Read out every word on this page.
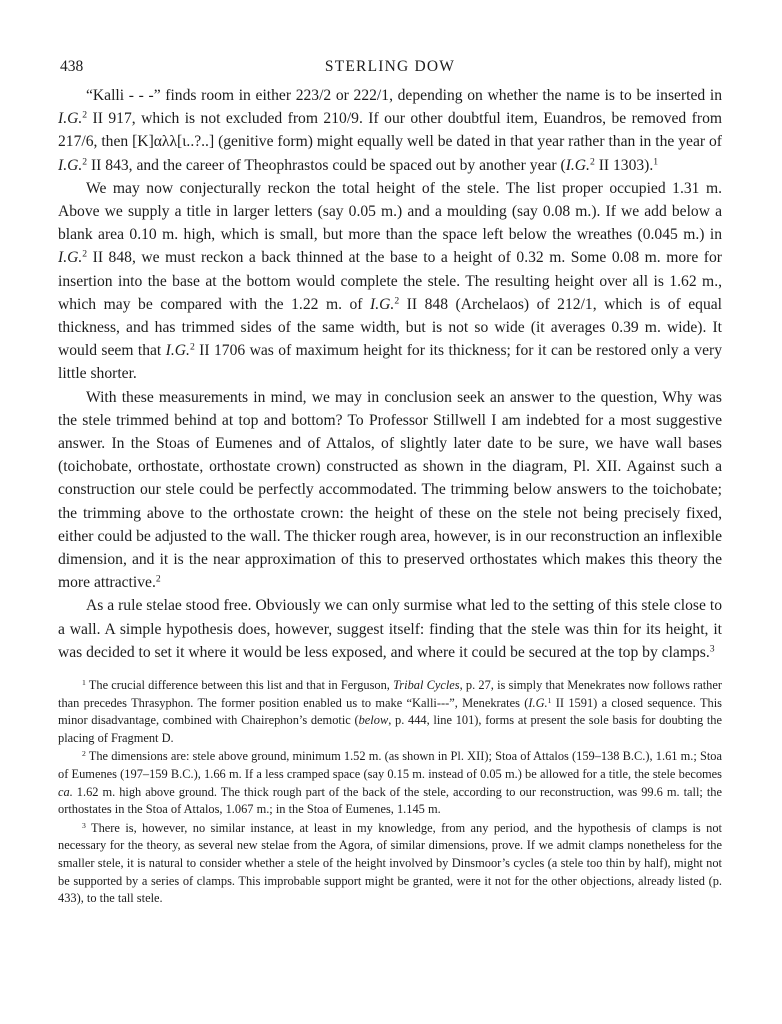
438	STERLING DOW

“Kalli - - -” finds room in either 223/2 or 222/1, depending on whether the name is to be inserted in I.G.$^2$ II 917, which is not excluded from 210/9. If our other doubtful item, Euandros, be removed from 217/6, then [K]αλλ[ι..?..] (genitive form) might equally well be dated in that year rather than in the year of I.G.$^2$ II 843, and the career of Theophrastos could be spaced out by another year (I.G.$^2$ II 1303).$^1$

We may now conjecturally reckon the total height of the stele. The list proper occupied 1.31 m. Above we supply a title in larger letters (say 0.05 m.) and a moulding (say 0.08 m.). If we add below a blank area 0.10 m. high, which is small, but more than the space left below the wreathes (0.045 m.) in I.G.$^2$ II 848, we must reckon a back thinned at the base to a height of 0.32 m. Some 0.08 m. more for insertion into the base at the bottom would complete the stele. The resulting height over all is 1.62 m., which may be compared with the 1.22 m. of I.G.$^2$ II 848 (Archelaos) of 212/1, which is of equal thickness, and has trimmed sides of the same width, but is not so wide (it averages 0.39 m. wide). It would seem that I.G.$^2$ II 1706 was of maximum height for its thickness; for it can be restored only a very little shorter.

With these measurements in mind, we may in conclusion seek an answer to the question, Why was the stele trimmed behind at top and bottom? To Professor Stillwell I am indebted for a most suggestive answer. In the Stoas of Eumenes and of Attalos, of slightly later date to be sure, we have wall bases (toichobate, orthostate, orthostate crown) constructed as shown in the diagram, Pl. XII. Against such a construction our stele could be perfectly accommodated. The trimming below answers to the toichobate; the trimming above to the orthostate crown: the height of these on the stele not being precisely fixed, either could be adjusted to the wall. The thicker rough area, however, is in our reconstruction an inflexible dimension, and it is the near approximation of this to preserved orthostates which makes this theory the more attractive.$^2$

As a rule stelae stood free. Obviously we can only surmise what led to the setting of this stele close to a wall. A simple hypothesis does, however, suggest itself: finding that the stele was thin for its height, it was decided to set it where it would be less exposed, and where it could be secured at the top by clamps.$^3$

$^1$ The crucial difference between this list and that in Ferguson, Tribal Cycles, p. 27, is simply that Menekrates now follows rather than precedes Thrasyphon. The former position enabled us to make “Kalli---”, Menekrates (I.G.$^1$ II 1591) a closed sequence. This minor disadvantage, combined with Chairephon’s demotic (below, p. 444, line 101), forms at present the sole basis for doubting the placing of Fragment D.

$^2$ The dimensions are: stele above ground, minimum 1.52 m. (as shown in Pl. XII); Stoa of Attalos (159–138 B.C.), 1.61 m.; Stoa of Eumenes (197–159 B.C.), 1.66 m. If a less cramped space (say 0.15 m. instead of 0.05 m.) be allowed for a title, the stele becomes ca. 1.62 m. high above ground. The thick rough part of the back of the stele, according to our reconstruction, was 99.6 m. tall; the orthostates in the Stoa of Attalos, 1.067 m.; in the Stoa of Eumenes, 1.145 m.

$^3$ There is, however, no similar instance, at least in my knowledge, from any period, and the hypothesis of clamps is not necessary for the theory, as several new stelae from the Agora, of similar dimensions, prove. If we admit clamps nonetheless for the smaller stele, it is natural to consider whether a stele of the height involved by Dinsmoor’s cycles (a stele too thin by half), might not be supported by a series of clamps. This improbable support might be granted, were it not for the other objections, already listed (p. 433), to the tall stele.
